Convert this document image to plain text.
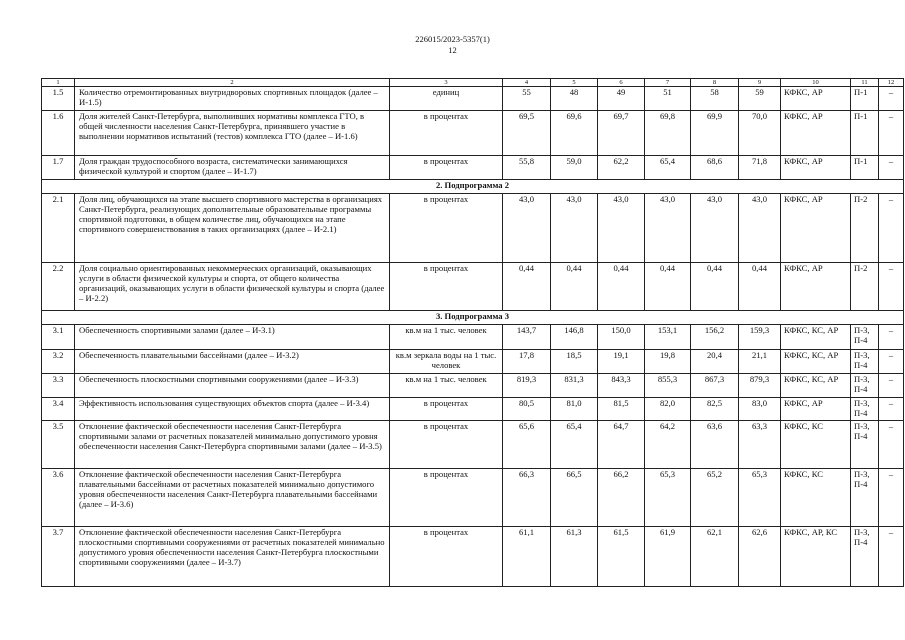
226015/2023-5357(1)
12
1	2	3	4	5	6	7	8	9	10	11	12
1.5	Количество отремонтированных внутридворовых спортивных площадок (далее – И-1.5)	единиц	55	48	49	51	58	59	КФКС, АР	П-1	–
1.6	Доля жителей Санкт-Петербурга, выполнивших нормативы комплекса ГТО, в общей численности населения Санкт-Петербурга, принявшего участие в выполнении нормативов испытаний (тестов) комплекса ГТО (далее – И-1.6)	в процентах	69,5	69,6	69,7	69,8	69,9	70,0	КФКС, АР	П-1	–
1.7	Доля граждан трудоспособного возраста, систематически занимающихся физической культурой и спортом (далее – И-1.7)	в процентах	55,8	59,0	62,2	65,4	68,6	71,8	КФКС, АР	П-1	–
2. Подпрограмма 2											
2.1	Доля лиц, обучающихся на этапе высшего спортивного мастерства в организациях Санкт-Петербурга, реализующих дополнительные образовательные программы спортивной подготовки, в общем количестве лиц, обучающихся на этапе спортивного совершенствования в таких организациях (далее – И-2.1)	в процентах	43,0	43,0	43,0	43,0	43,0	43,0	КФКС, АР	П-2	–
2.2	Доля социально ориентированных некоммерческих организаций, оказывающих услуги в области физической культуры и спорта, от общего количества организаций, оказывающих услуги в области физической культуры и спорта (далее – И-2.2)	в процентах	0,44	0,44	0,44	0,44	0,44	0,44	КФКС, АР	П-2	–
3. Подпрограмма 3											
3.1	Обеспеченность спортивными залами (далее – И-3.1)	кв.м на 1 тыс. человек	143,7	146,8	150,0	153,1	156,2	159,3	КФКС, КС, АР	П-3, П-4	–
3.2	Обеспеченность плавательными бассейнами (далее – И-3.2)	кв.м зеркала воды на 1 тыс. человек	17,8	18,5	19,1	19,8	20,4	21,1	КФКС, КС, АР	П-3, П-4	–
3.3	Обеспеченность плоскостными спортивными сооружениями (далее – И-3.3)	кв.м на 1 тыс. человек	819,3	831,3	843,3	855,3	867,3	879,3	КФКС, КС, АР	П-3, П-4	–
3.4	Эффективность использования существующих объектов спорта (далее – И-3.4)	в процентах	80,5	81,0	81,5	82,0	82,5	83,0	КФКС, АР	П-3, П-4	–
3.5	Отклонение фактической обеспеченности населения Санкт-Петербурга спортивными залами от расчетных показателей минимально допустимого уровня обеспеченности населения Санкт-Петербурга спортивными залами (далее – И-3.5)	в процентах	65,6	65,4	64,7	64,2	63,6	63,3	КФКС, КС	П-3, П-4	–
3.6	Отклонение фактической обеспеченности населения Санкт-Петербурга плавательными бассейнами от расчетных показателей минимально допустимого уровня обеспеченности населения Санкт-Петербурга плавательными бассейнами (далее – И-3.6)	в процентах	66,3	66,5	66,2	65,3	65,2	65,3	КФКС, КС	П-3, П-4	–
3.7	Отклонение фактической обеспеченности населения Санкт-Петербурга плоскостными спортивными сооружениями от расчетных показателей минимально допустимого уровня обеспеченности населения Санкт-Петербурга плоскостными спортивными сооружениями (далее – И-3.7)	в процентах	61,1	61,3	61,5	61,9	62,1	62,6	КФКС, АР, КС	П-3, П-4	–
